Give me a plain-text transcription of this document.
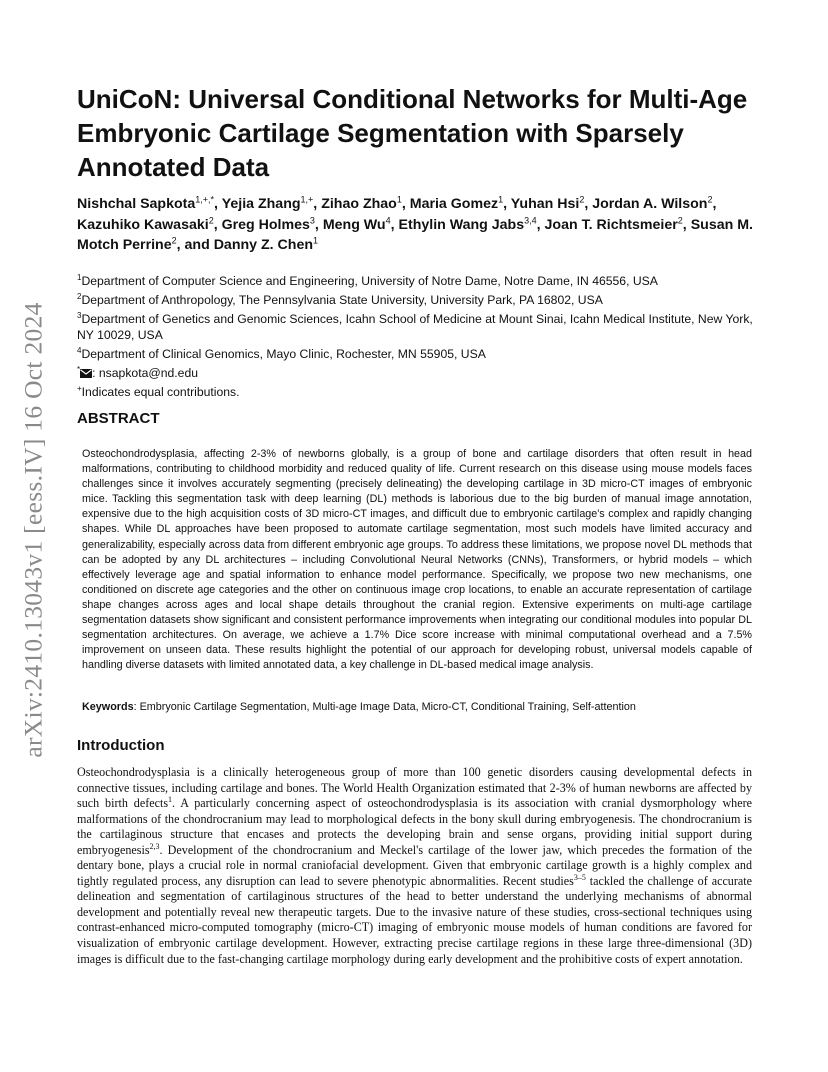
arXiv:2410.13043v1 [eess.IV] 16 Oct 2024
UniCoN: Universal Conditional Networks for Multi-Age Embryonic Cartilage Segmentation with Sparsely Annotated Data
Nishchal Sapkota$^{1,+,*}$, Yejia Zhang$^{1,+}$, Zihao Zhao$^1$, Maria Gomez$^1$, Yuhan Hsi$^2$, Jordan A. Wilson$^2$, Kazuhiko Kawasaki$^2$, Greg Holmes$^3$, Meng Wu$^4$, Ethylin Wang Jabs$^{3,4}$, Joan T. Richtsmeier$^2$, Susan M. Motch Perrine$^2$, and Danny Z. Chen$^1$

$^1$Department of Computer Science and Engineering, University of Notre Dame, Notre Dame, IN 46556, USA

$^2$Department of Anthropology, The Pennsylvania State University, University Park, PA 16802, USA

$^3$Department of Genetics and Genomic Sciences, Icahn School of Medicine at Mount Sinai, Icahn Medical Institute, New York, NY 10029, USA

$^4$Department of Clinical Genomics, Mayo Clinic, Rochester, MN 55905, USA

* : nsapkota@nd.edu

+Indicates equal contributions.

ABSTRACT
Osteochondrodysplasia, affecting 2-3% of newborns globally, is a group of bone and cartilage disorders that often result in head malformations, contributing to childhood morbidity and reduced quality of life. Current research on this disease using mouse models faces challenges since it involves accurately segmenting (precisely delineating) the developing cartilage in 3D micro-CT images of embryonic mice. Tackling this segmentation task with deep learning (DL) methods is laborious due to the big burden of manual image annotation, expensive due to the high acquisition costs of 3D micro-CT images, and difficult due to embryonic cartilage's complex and rapidly changing shapes. While DL approaches have been proposed to automate cartilage segmentation, most such models have limited accuracy and generalizability, especially across data from different embryonic age groups. To address these limitations, we propose novel DL methods that can be adopted by any DL architectures – including Convolutional Neural Networks (CNNs), Transformers, or hybrid models – which effectively leverage age and spatial information to enhance model performance. Specifically, we propose two new mechanisms, one conditioned on discrete age categories and the other on continuous image crop locations, to enable an accurate representation of cartilage shape changes across ages and local shape details throughout the cranial region. Extensive experiments on multi-age cartilage segmentation datasets show significant and consistent performance improvements when integrating our conditional modules into popular DL segmentation architectures. On average, we achieve a 1.7% Dice score increase with minimal computational overhead and a 7.5% improvement on unseen data. These results highlight the potential of our approach for developing robust, universal models capable of handling diverse datasets with limited annotated data, a key challenge in DL-based medical image analysis.
Keywords: Embryonic Cartilage Segmentation, Multi-age Image Data, Micro-CT, Conditional Training, Self-attention
Introduction
Osteochondrodysplasia is a clinically heterogeneous group of more than 100 genetic disorders causing developmental defects in connective tissues, including cartilage and bones. The World Health Organization estimated that 2-3% of human newborns are affected by such birth defects$^1$. A particularly concerning aspect of osteochondrodysplasia is its association with cranial dysmorphology where malformations of the chondrocranium may lead to morphological defects in the bony skull during embryogenesis. The chondrocranium is the cartilaginous structure that encases and protects the developing brain and sense organs, providing initial support during embryogenesis$^{2,3}$. Development of the chondrocranium and Meckel's cartilage of the lower jaw, which precedes the formation of the dentary bone, plays a crucial role in normal craniofacial development. Given that embryonic cartilage growth is a highly complex and tightly regulated process, any disruption can lead to severe phenotypic abnormalities. Recent studies$^{3-5}$ tackled the challenge of accurate delineation and segmentation of cartilaginous structures of the head to better understand the underlying mechanisms of abnormal development and potentially reveal new therapeutic targets. Due to the invasive nature of these studies, cross-sectional techniques using contrast-enhanced micro-computed tomography (micro-CT) imaging of embryonic mouse models of human conditions are favored for visualization of embryonic cartilage development. However, extracting precise cartilage regions in these large three-dimensional (3D) images is difficult due to the fast-changing cartilage morphology during early development and the prohibitive costs of expert annotation.
